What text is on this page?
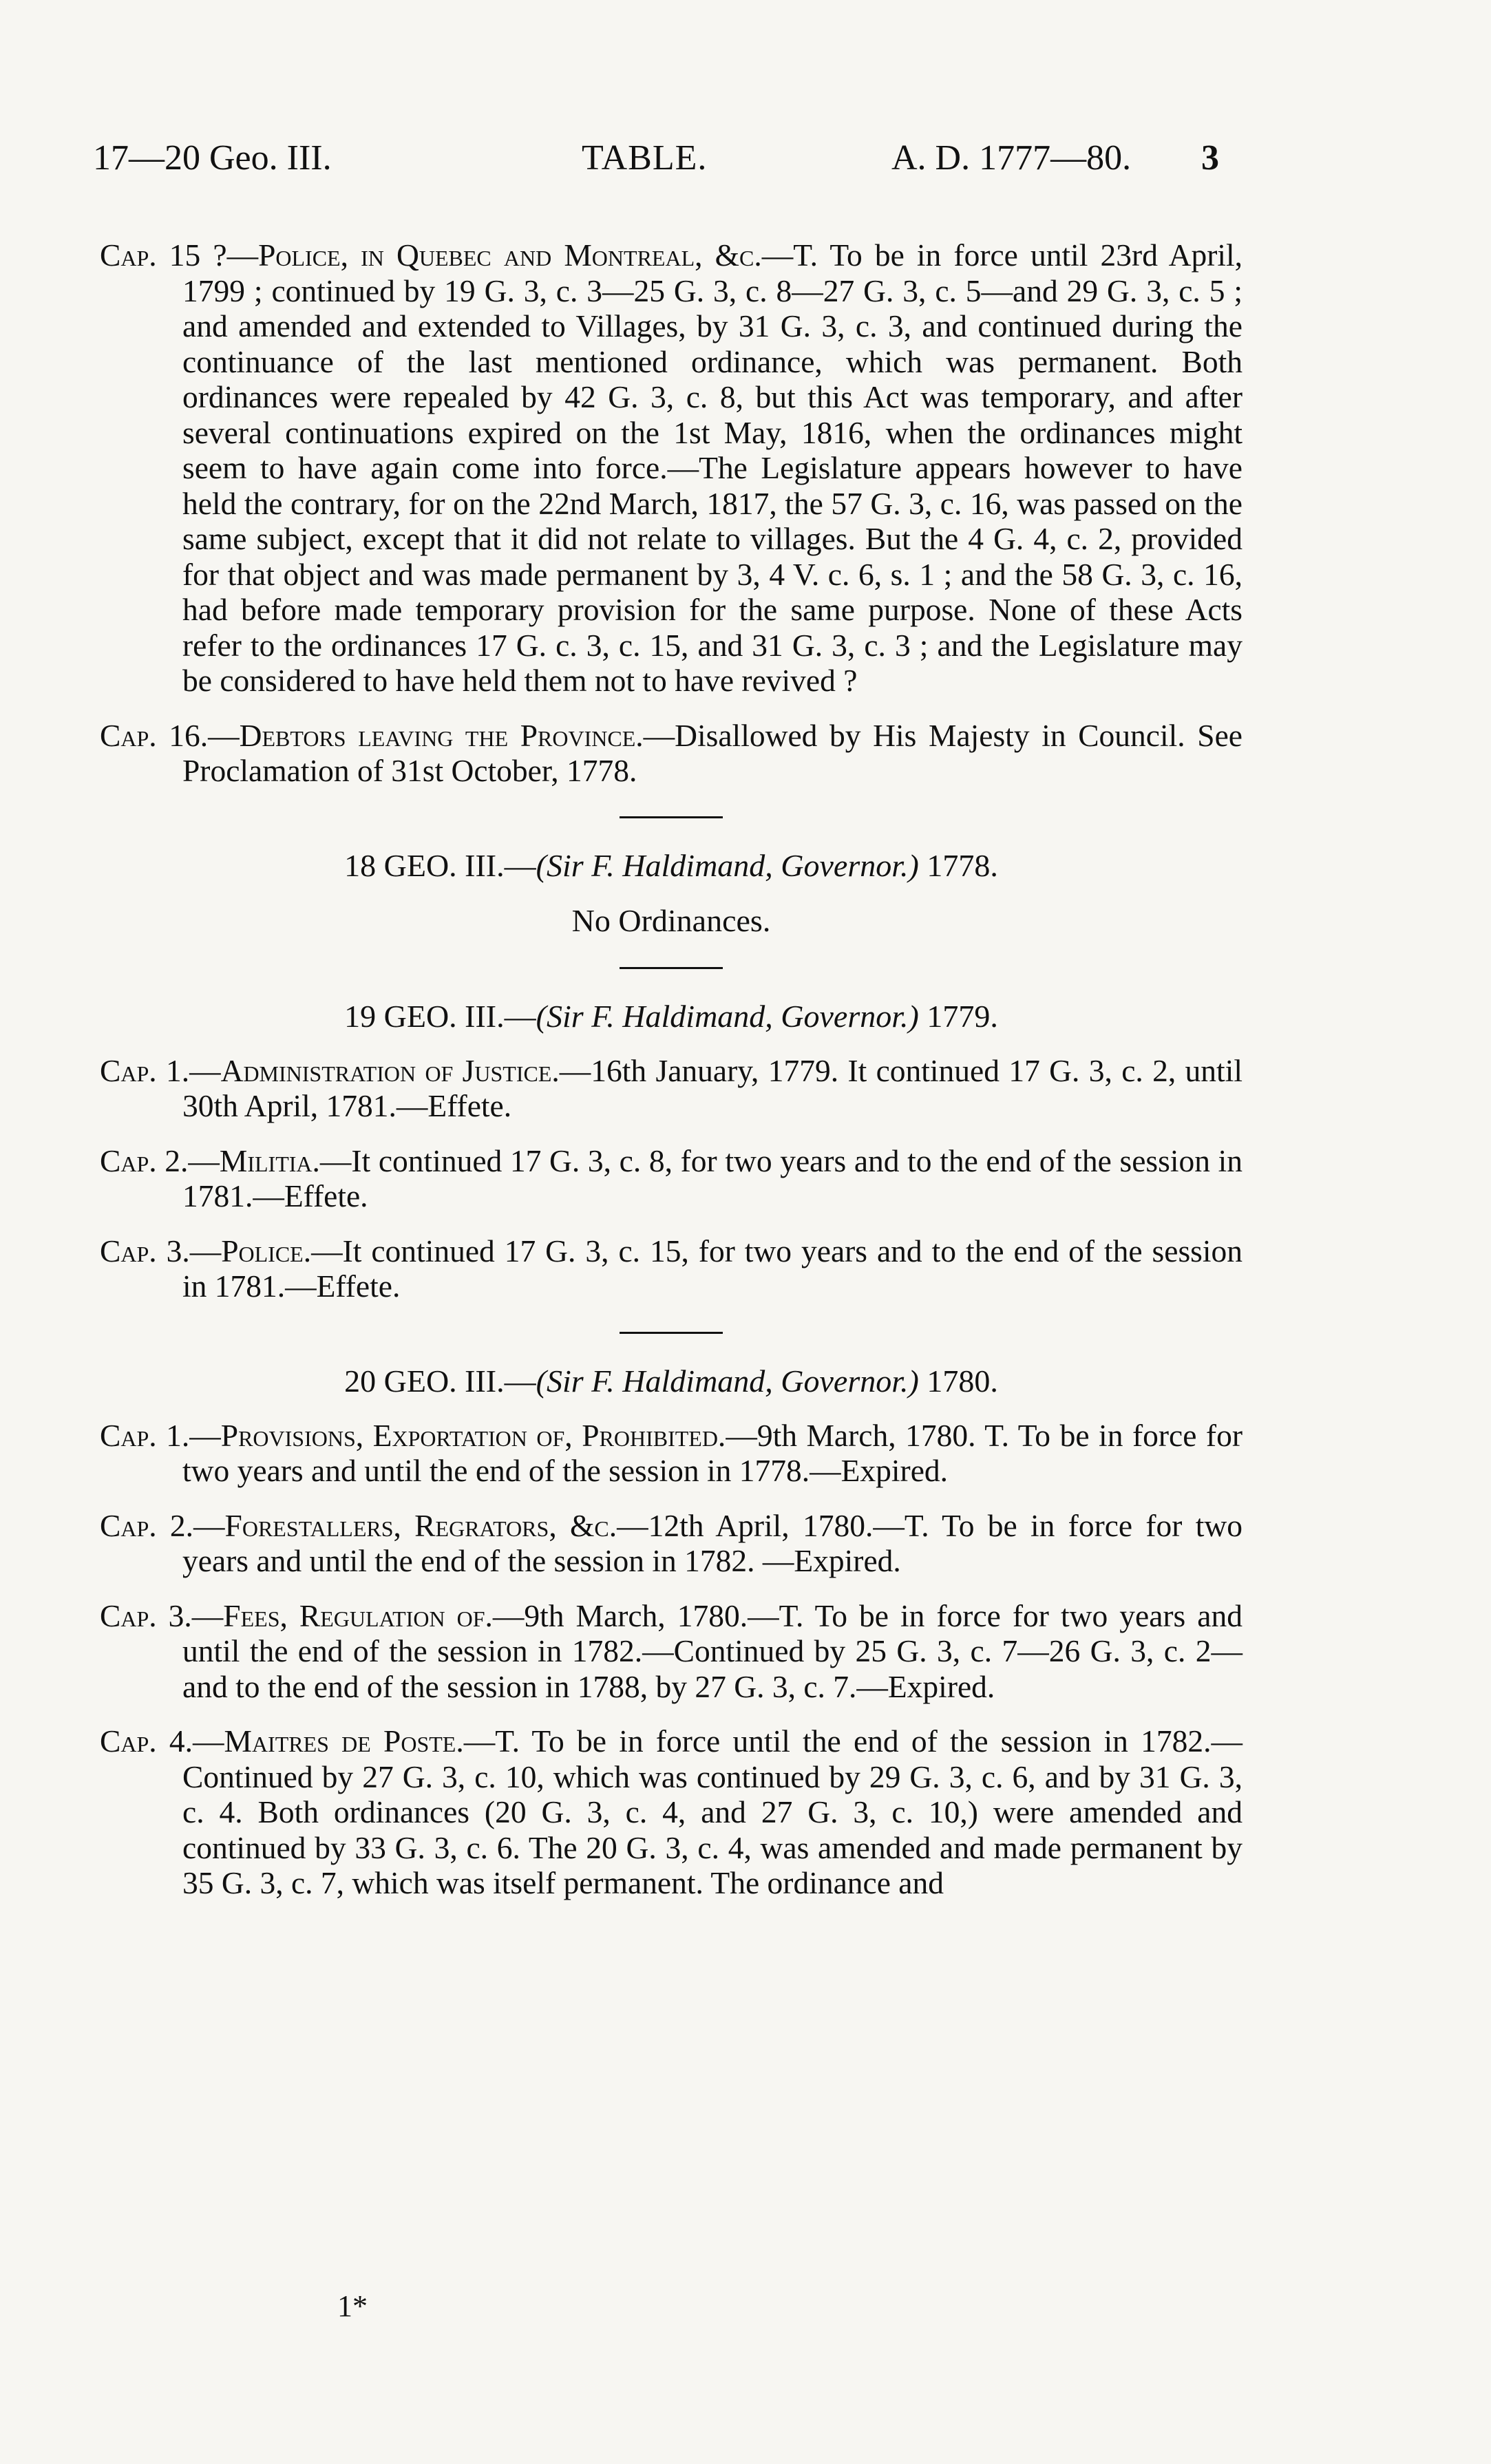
17—20 Geo. III.	TABLE.	A. D. 1777—80. 3

Cap. 15 ?—Police, in Quebec and Montreal, &c.—T. To be in force until 23rd April, 1799 ; continued by 19 G. 3, c. 3—25 G. 3, c. 8—27 G. 3, c. 5—and 29 G. 3, c. 5 ; and amended and extended to Villages, by 31 G. 3, c. 3, and continued during the continuance of the last mentioned ordinance, which was permanent. Both ordinances were repealed by 42 G. 3, c. 8, but this Act was temporary, and after several continuations expired on the 1st May, 1816, when the ordinances might seem to have again come into force.—The Legislature appears however to have held the contrary, for on the 22nd March, 1817, the 57 G. 3, c. 16, was passed on the same subject, except that it did not relate to villages. But the 4 G. 4, c. 2, provided for that object and was made permanent by 3, 4 V. c. 6, s. 1 ; and the 58 G. 3, c. 16, had before made temporary provision for the same purpose. None of these Acts refer to the ordinances 17 G. c. 3, c. 15, and 31 G. 3, c. 3 ; and the Legislature may be considered to have held them not to have revived ?

Cap. 16.—Debtors leaving the Province.—Disallowed by His Majesty in Council. See Proclamation of 31st October, 1778.

18 GEO. III.—(Sir F. Haldimand, Governor.) 1778.

No Ordinances.

19 GEO. III.—(Sir F. Haldimand, Governor.) 1779.

Cap. 1.—Administration of Justice.—16th January, 1779. It continued 17 G. 3, c. 2, until 30th April, 1781.—Effete.

Cap. 2.—Militia.—It continued 17 G. 3, c. 8, for two years and to the end of the session in 1781.—Effete.

Cap. 3.—Police.—It continued 17 G. 3, c. 15, for two years and to the end of the session in 1781.—Effete.

20 GEO. III.—(Sir F. Haldimand, Governor.) 1780.

Cap. 1.—Provisions, Exportation of, Prohibited.—9th March, 1780. T. To be in force for two years and until the end of the session in 1778.—Expired.

Cap. 2.—Forestallers, Regrators, &c.—12th April, 1780.—T. To be in force for two years and until the end of the session in 1782. —Expired.

Cap. 3.—Fees, Regulation of.—9th March, 1780.—T. To be in force for two years and until the end of the session in 1782.—Continued by 25 G. 3, c. 7—26 G. 3, c. 2—and to the end of the session in 1788, by 27 G. 3, c. 7.—Expired.

Cap. 4.—Maitres de Poste.—T. To be in force until the end of the session in 1782.—Continued by 27 G. 3, c. 10, which was continued by 29 G. 3, c. 6, and by 31 G. 3, c. 4. Both ordinances (20 G. 3, c. 4, and 27 G. 3, c. 10,) were amended and continued by 33 G. 3, c. 6. The 20 G. 3, c. 4, was amended and made permanent by 35 G. 3, c. 7, which was itself permanent. The ordinance and

1*
